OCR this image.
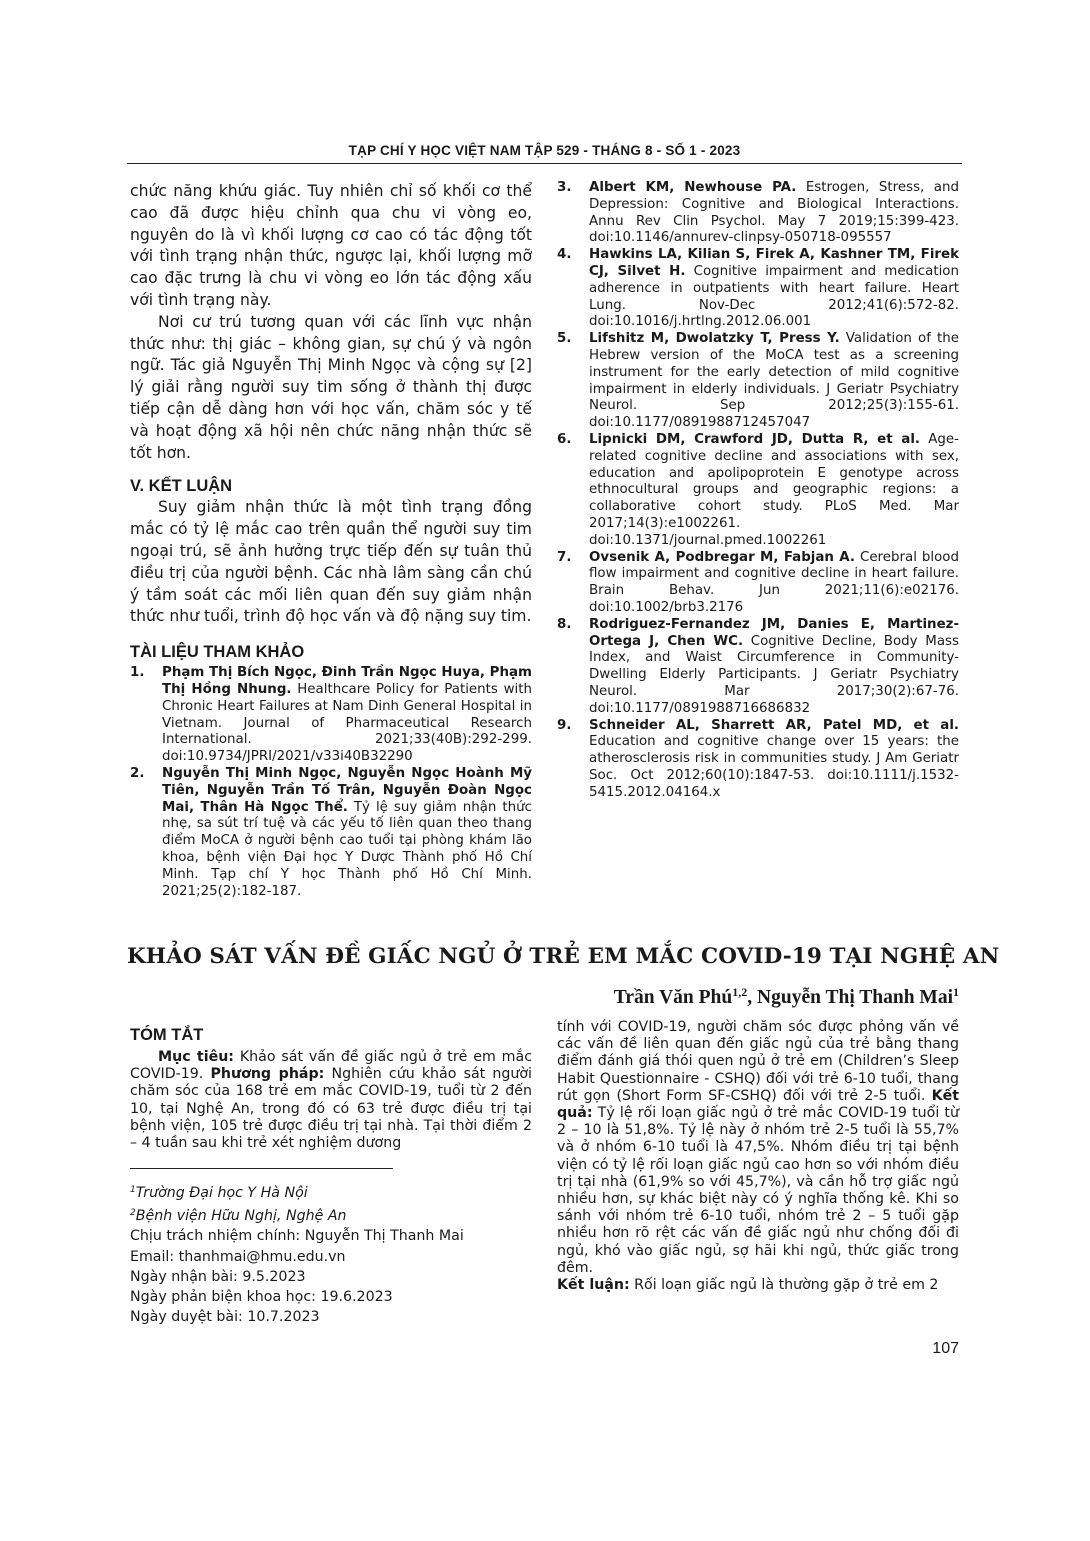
TẠP CHÍ Y HỌC VIỆT NAM TẬP 529 - THÁNG 8 - SỐ 1 - 2023

chức năng khứu giác. Tuy nhiên chỉ số khối cơ thể cao đã được hiệu chỉnh qua chu vi vòng eo, nguyên do là vì khối lượng cơ cao có tác động tốt với tình trạng nhận thức, ngược lại, khối lượng mỡ cao đặc trưng là chu vi vòng eo lớn tác động xấu với tình trạng này.

Nơi cư trú tương quan với các lĩnh vực nhận thức như: thị giác – không gian, sự chú ý và ngôn ngữ. Tác giả Nguyễn Thị Minh Ngọc và cộng sự [2] lý giải rằng người suy tim sống ở thành thị được tiếp cận dễ dàng hơn với học vấn, chăm sóc y tế và hoạt động xã hội nên chức năng nhận thức sẽ tốt hơn.

V. KẾT LUẬN

Suy giảm nhận thức là một tình trạng đồng mắc có tỷ lệ mắc cao trên quần thể người suy tim ngoại trú, sẽ ảnh hưởng trực tiếp đến sự tuân thủ điều trị của người bệnh. Các nhà lâm sàng cần chú ý tầm soát các mối liên quan đến suy giảm nhận thức như tuổi, trình độ học vấn và độ nặng suy tim.

TÀI LIỆU THAM KHẢO
1. Phạm Thị Bích Ngọc, Đinh Trần Ngọc Huya, Phạm Thị Hồng Nhung. Healthcare Policy for Patients with Chronic Heart Failures at Nam Dinh General Hospital in Vietnam. Journal of Pharmaceutical Research International. 2021;33(40B):292-299. doi:10.9734/JPRI/2021/v33i40B32290
2. Nguyễn Thị Minh Ngọc, Nguyễn Ngọc Hoành Mỹ Tiên, Nguyễn Trần Tố Trân, Nguyễn Đoàn Ngọc Mai, Thân Hà Ngọc Thể. Tỷ lệ suy giảm nhận thức nhẹ, sa sút trí tuệ và các yếu tố liên quan theo thang điểm MoCA ở người bệnh cao tuổi tại phòng khám lão khoa, bệnh viện Đại học Y Dược Thành phố Hồ Chí Minh. Tạp chí Y học Thành phố Hồ Chí Minh. 2021;25(2):182-187.
3. Albert KM, Newhouse PA. Estrogen, Stress, and Depression: Cognitive and Biological Interactions. Annu Rev Clin Psychol. May 7 2019;15:399-423. doi:10.1146/annurev-clinpsy-050718-095557
4. Hawkins LA, Kilian S, Firek A, Kashner TM, Firek CJ, Silvet H. Cognitive impairment and medication adherence in outpatients with heart failure. Heart Lung. Nov-Dec 2012;41(6):572-82. doi:10.1016/j.hrtlng.2012.06.001
5. Lifshitz M, Dwolatzky T, Press Y. Validation of the Hebrew version of the MoCA test as a screening instrument for the early detection of mild cognitive impairment in elderly individuals. J Geriatr Psychiatry Neurol. Sep 2012;25(3):155-61. doi:10.1177/0891988712457047
6. Lipnicki DM, Crawford JD, Dutta R, et al. Age-related cognitive decline and associations with sex, education and apolipoprotein E genotype across ethnocultural groups and geographic regions: a collaborative cohort study. PLoS Med. Mar 2017;14(3):e1002261. doi:10.1371/journal.pmed.1002261
7. Ovsenik A, Podbregar M, Fabjan A. Cerebral blood flow impairment and cognitive decline in heart failure. Brain Behav. Jun 2021;11(6):e02176. doi:10.1002/brb3.2176
8. Rodriguez-Fernandez JM, Danies E, Martinez-Ortega J, Chen WC. Cognitive Decline, Body Mass Index, and Waist Circumference in Community-Dwelling Elderly Participants. J Geriatr Psychiatry Neurol. Mar 2017;30(2):67-76. doi:10.1177/0891988716686832
9. Schneider AL, Sharrett AR, Patel MD, et al. Education and cognitive change over 15 years: the atherosclerosis risk in communities study. J Am Geriatr Soc. Oct 2012;60(10):1847-53. doi:10.1111/j.1532-5415.2012.04164.x
KHẢO SÁT VẤN ĐỀ GIẤC NGỦ Ở TRẺ EM MẮC COVID-19 TẠI NGHỆ AN
Trần Văn Phú$^{1,2}$, Nguyễn Thị Thanh Mai$^1$
TÓM TẮT

Mục tiêu: Khảo sát vấn đề giấc ngủ ở trẻ em mắc COVID-19. Phương pháp: Nghiên cứu khảo sát người chăm sóc của 168 trẻ em mắc COVID-19, tuổi từ 2 đến 10, tại Nghệ An, trong đó có 63 trẻ được điều trị tại bệnh viện, 105 trẻ được điều trị tại nhà. Tại thời điểm 2 – 4 tuần sau khi trẻ xét nghiệm dương

tính với COVID-19, người chăm sóc được phỏng vấn về các vấn đề liên quan đến giấc ngủ của trẻ bằng thang điểm đánh giá thói quen ngủ ở trẻ em (Children’s Sleep Habit Questionnaire - CSHQ) đối với trẻ 6-10 tuổi, thang rút gọn (Short Form SF-CSHQ) đối với trẻ 2-5 tuổi. Kết quả: Tỷ lệ rối loạn giấc ngủ ở trẻ mắc COVID-19 tuổi từ 2 – 10 là 51,8%. Tỷ lệ này ở nhóm trẻ 2-5 tuổi là 55,7% và ở nhóm 6-10 tuổi là 47,5%. Nhóm điều trị tại bệnh viện có tỷ lệ rối loạn giấc ngủ cao hơn so với nhóm điều trị tại nhà (61,9% so với 45,7%), và cần hỗ trợ giấc ngủ nhiều hơn, sự khác biệt này có ý nghĩa thống kê. Khi so sánh với nhóm trẻ 6-10 tuổi, nhóm trẻ 2 – 5 tuổi gặp nhiều hơn rõ rệt các vấn đề giấc ngủ như chống đối đi ngủ, khó vào giấc ngủ, sợ hãi khi ngủ, thức giấc trong đêm.

Kết luận: Rối loạn giấc ngủ là thường gặp ở trẻ em 2

$^1$Trường Đại học Y Hà Nội
$^2$Bệnh viện Hữu Nghị, Nghệ An
Chịu trách nhiệm chính: Nguyễn Thị Thanh Mai
Email: thanhmai@hmu.edu.vn
Ngày nhận bài: 9.5.2023
Ngày phản biện khoa học: 19.6.2023
Ngày duyệt bài: 10.7.2023
107
